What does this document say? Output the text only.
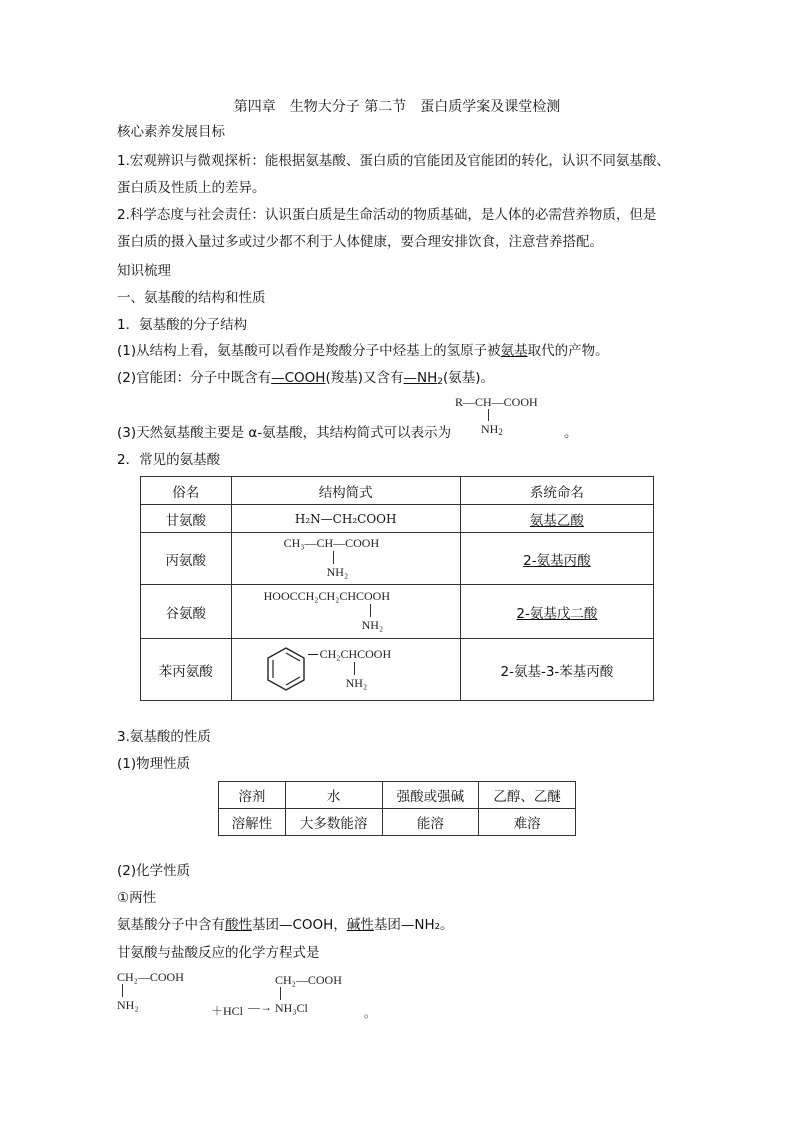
第四章　生物大分子 第二节　蛋白质学案及课堂检测
核心素养发展目标
1.宏观辨识与微观探析：能根据氨基酸、蛋白质的官能团及官能团的转化，认识不同氨基酸、
蛋白质及性质上的差异。
2.科学态度与社会责任：认识蛋白质是生命活动的物质基础，是人体的必需营养物质，但是
蛋白质的摄入量过多或过少都不利于人体健康，要合理安排饮食，注意营养搭配。
知识梳理
一、氨基酸的结构和性质
1．氨基酸的分子结构
(1)从结构上看，氨基酸可以看作是羧酸分子中烃基上的氢原子被氨基取代的产物。
(2)官能团：分子中既含有—COOH(羧基)又含有$—NH_2$(氨基)。
R—CH—COOH
$NH_2$
(3)天然氨基酸主要是 α-氨基酸，其结构简式可以表示为	。
2．常见的氨基酸
俗名	结构简式	系统命名
甘氨酸	H₂N—CH₂COOH	氨基乙酸
丙氨酸	CH₃—CH—COOH
NH₂	2-氨基丙酸
谷氨酸	HOOCCH₂CH₂CHCOOH
NH₂	2-氨基戊二酸
苯丙氨酸	CH₂CHCOOH
NH₂	2-氨基-3-苯基丙酸
3.氨基酸的性质
(1)物理性质
溶剂	水	强酸或强碱	乙醇、乙醚
溶解性	大多数能溶	能溶	难溶
(2)化学性质
①两性
氨基酸分子中含有酸性基团—COOH，碱性基团—NH₂。
甘氨酸与盐酸反应的化学方程式是
CH₂—COOH
NH₂	＋HCl —→
CH₂—COOH
NH₃Cl	。
